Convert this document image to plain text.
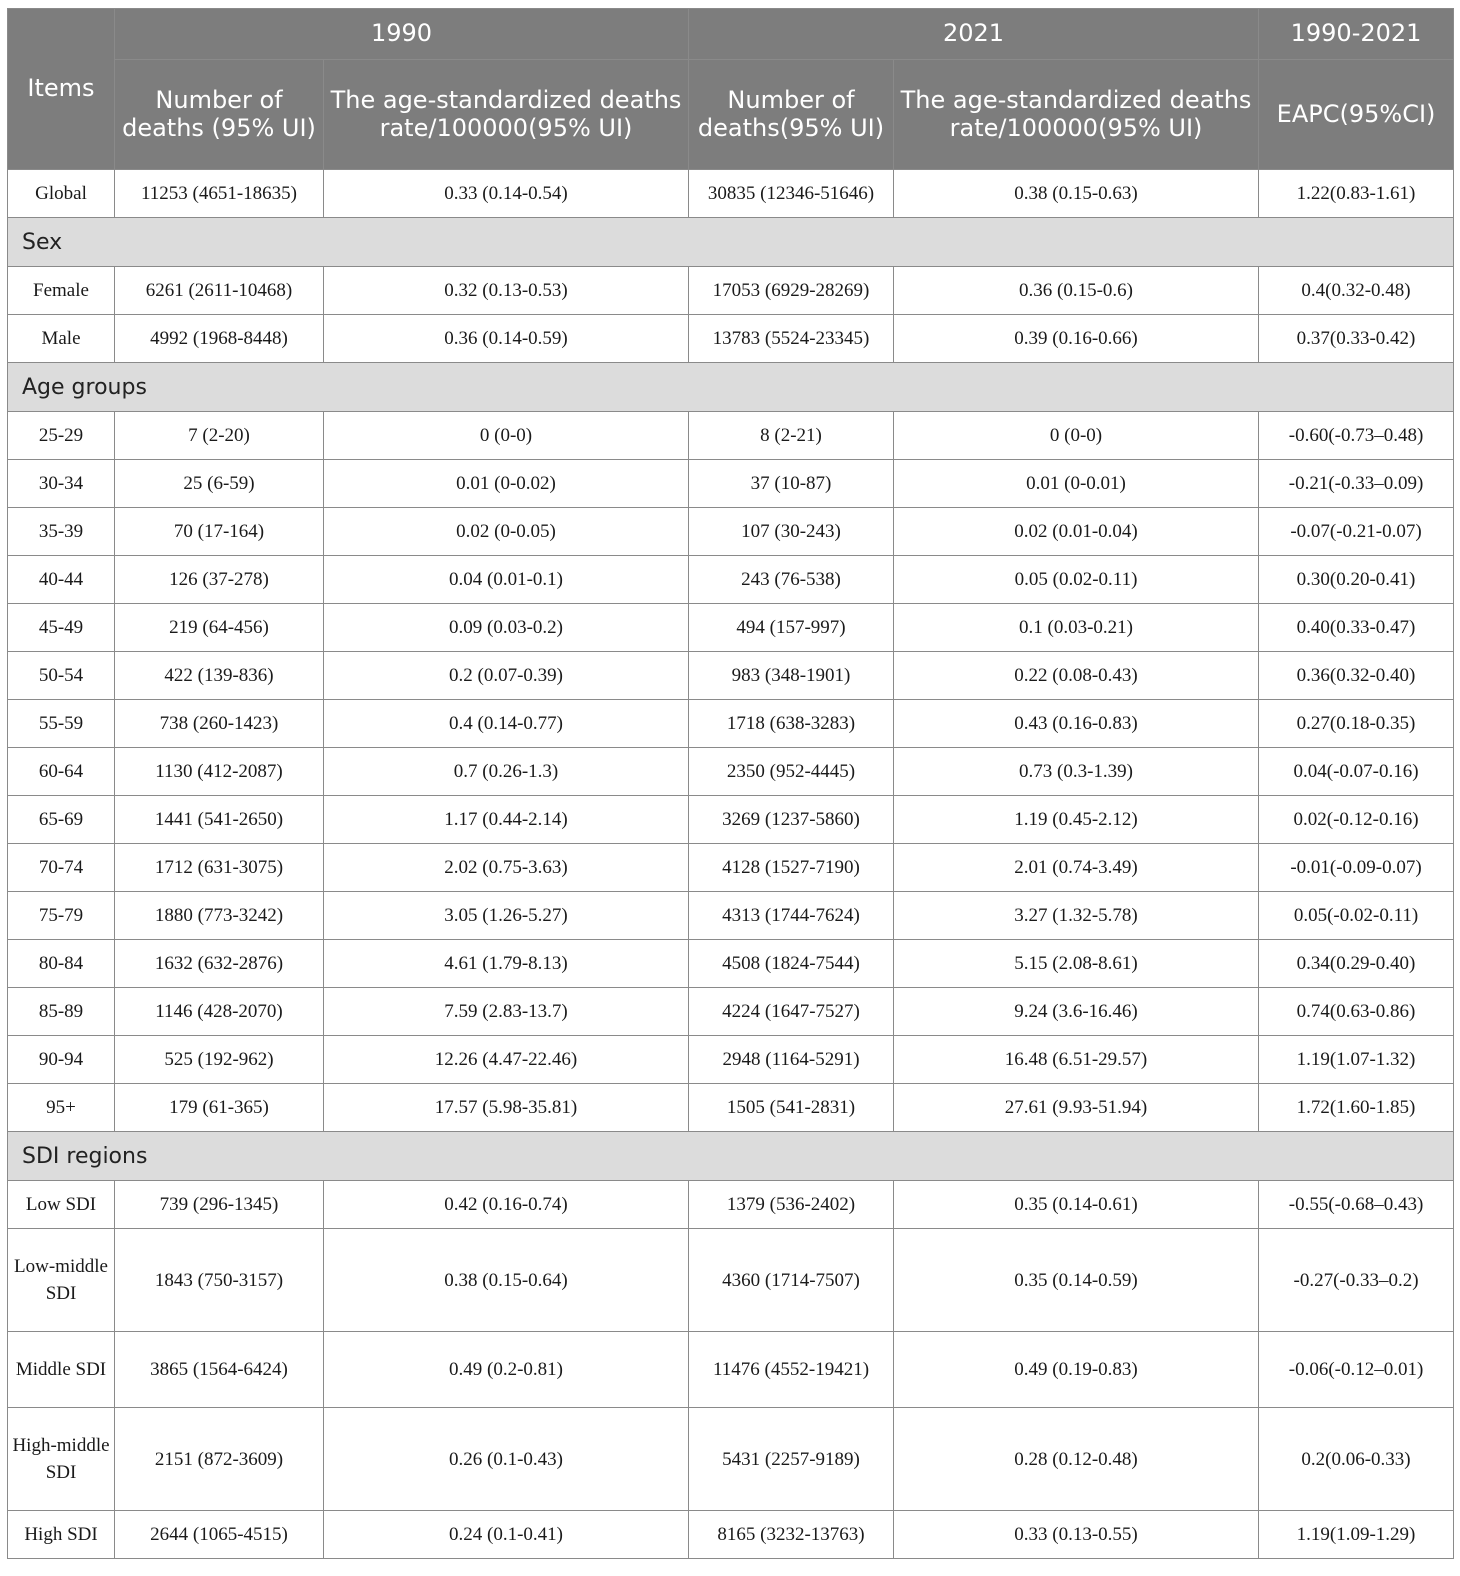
Items	1990		2021		1990-2021
	Number of deaths (95% UI)	The age-standardized deaths rate/100000(95% UI)	Number of deaths(95% UI)	The age-standardized deaths rate/100000(95% UI)	EAPC(95%CI)
Global	11253 (4651-18635)	0.33 (0.14-0.54)	30835 (12346-51646)	0.38 (0.15-0.63)	1.22(0.83-1.61)
Sex					
Female	6261 (2611-10468)	0.32 (0.13-0.53)	17053 (6929-28269)	0.36 (0.15-0.6)	0.4(0.32-0.48)
Male	4992 (1968-8448)	0.36 (0.14-0.59)	13783 (5524-23345)	0.39 (0.16-0.66)	0.37(0.33-0.42)
Age groups					
25-29	7 (2-20)	0 (0-0)	8 (2-21)	0 (0-0)	-0.60(-0.73–0.48)
30-34	25 (6-59)	0.01 (0-0.02)	37 (10-87)	0.01 (0-0.01)	-0.21(-0.33–0.09)
35-39	70 (17-164)	0.02 (0-0.05)	107 (30-243)	0.02 (0.01-0.04)	-0.07(-0.21-0.07)
40-44	126 (37-278)	0.04 (0.01-0.1)	243 (76-538)	0.05 (0.02-0.11)	0.30(0.20-0.41)
45-49	219 (64-456)	0.09 (0.03-0.2)	494 (157-997)	0.1 (0.03-0.21)	0.40(0.33-0.47)
50-54	422 (139-836)	0.2 (0.07-0.39)	983 (348-1901)	0.22 (0.08-0.43)	0.36(0.32-0.40)
55-59	738 (260-1423)	0.4 (0.14-0.77)	1718 (638-3283)	0.43 (0.16-0.83)	0.27(0.18-0.35)
60-64	1130 (412-2087)	0.7 (0.26-1.3)	2350 (952-4445)	0.73 (0.3-1.39)	0.04(-0.07-0.16)
65-69	1441 (541-2650)	1.17 (0.44-2.14)	3269 (1237-5860)	1.19 (0.45-2.12)	0.02(-0.12-0.16)
70-74	1712 (631-3075)	2.02 (0.75-3.63)	4128 (1527-7190)	2.01 (0.74-3.49)	-0.01(-0.09-0.07)
75-79	1880 (773-3242)	3.05 (1.26-5.27)	4313 (1744-7624)	3.27 (1.32-5.78)	0.05(-0.02-0.11)
80-84	1632 (632-2876)	4.61 (1.79-8.13)	4508 (1824-7544)	5.15 (2.08-8.61)	0.34(0.29-0.40)
85-89	1146 (428-2070)	7.59 (2.83-13.7)	4224 (1647-7527)	9.24 (3.6-16.46)	0.74(0.63-0.86)
90-94	525 (192-962)	12.26 (4.47-22.46)	2948 (1164-5291)	16.48 (6.51-29.57)	1.19(1.07-1.32)
95+	179 (61-365)	17.57 (5.98-35.81)	1505 (541-2831)	27.61 (9.93-51.94)	1.72(1.60-1.85)
SDI regions					
Low SDI	739 (296-1345)	0.42 (0.16-0.74)	1379 (536-2402)	0.35 (0.14-0.61)	-0.55(-0.68–0.43)
Low-middle SDI	1843 (750-3157)	0.38 (0.15-0.64)	4360 (1714-7507)	0.35 (0.14-0.59)	-0.27(-0.33–0.2)
Middle SDI	3865 (1564-6424)	0.49 (0.2-0.81)	11476 (4552-19421)	0.49 (0.19-0.83)	-0.06(-0.12–0.01)
High-middle SDI	2151 (872-3609)	0.26 (0.1-0.43)	5431 (2257-9189)	0.28 (0.12-0.48)	0.2(0.06-0.33)
High SDI	2644 (1065-4515)	0.24 (0.1-0.41)	8165 (3232-13763)	0.33 (0.13-0.55)	1.19(1.09-1.29)
